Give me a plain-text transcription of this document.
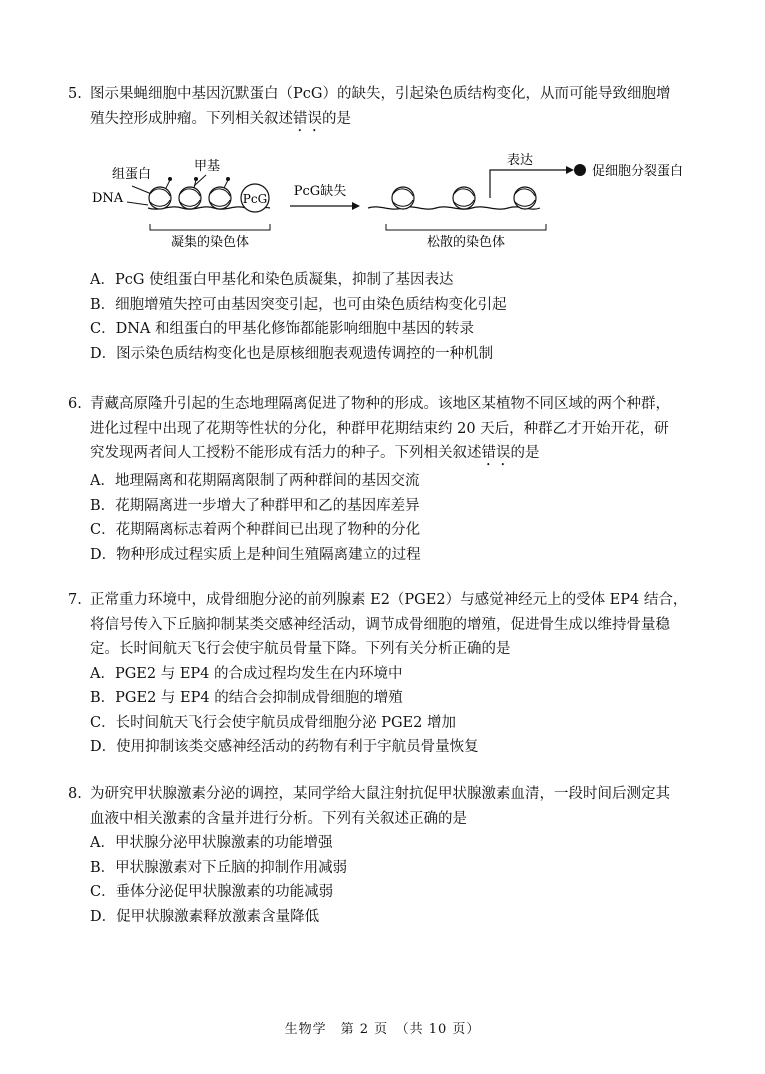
5. 图示果蝇细胞中基因沉默蛋白（PcG）的缺失，引起染色质结构变化，从而可能导致细胞增
殖失控形成肿瘤。下列相关叙述错误的是

组蛋白
甲基
DNA	PcG
凝集的染色体
PcG缺失
表达
促细胞分裂蛋白
松散的染色体
A．PcG 使组蛋白甲基化和染色质凝集，抑制了基因表达
B．细胞增殖失控可由基因突变引起，也可由染色质结构变化引起
C．DNA 和组蛋白的甲基化修饰都能影响细胞中基因的转录
D．图示染色质结构变化也是原核细胞表观遗传调控的一种机制

6. 青藏高原隆升引起的生态地理隔离促进了物种的形成。该地区某植物不同区域的两个种群，
进化过程中出现了花期等性状的分化，种群甲花期结束约 20 天后，种群乙才开始开花，研
究发现两者间人工授粉不能形成有活力的种子。下列相关叙述错误的是

A．地理隔离和花期隔离限制了两种群间的基因交流
B．花期隔离进一步增大了种群甲和乙的基因库差异
C．花期隔离标志着两个种群间已出现了物种的分化
D．物种形成过程实质上是种间生殖隔离建立的过程

7. 正常重力环境中，成骨细胞分泌的前列腺素 E2（PGE2）与感觉神经元上的受体 EP4 结合，
将信号传入下丘脑抑制某类交感神经活动，调节成骨细胞的增殖，促进骨生成以维持骨量稳
定。长时间航天飞行会使宇航员骨量下降。下列有关分析正确的是

A．PGE2 与 EP4 的合成过程均发生在内环境中
B．PGE2 与 EP4 的结合会抑制成骨细胞的增殖
C．长时间航天飞行会使宇航员成骨细胞分泌 PGE2 增加
D．使用抑制该类交感神经活动的药物有利于宇航员骨量恢复

8. 为研究甲状腺激素分泌的调控，某同学给大鼠注射抗促甲状腺激素血清，一段时间后测定其
血液中相关激素的含量并进行分析。下列有关叙述正确的是

A．甲状腺分泌甲状腺激素的功能增强
B．甲状腺激素对下丘脑的抑制作用减弱
C．垂体分泌促甲状腺激素的功能减弱
D．促甲状腺激素释放激素含量降低
生物学　第 2 页　（共 10 页）
